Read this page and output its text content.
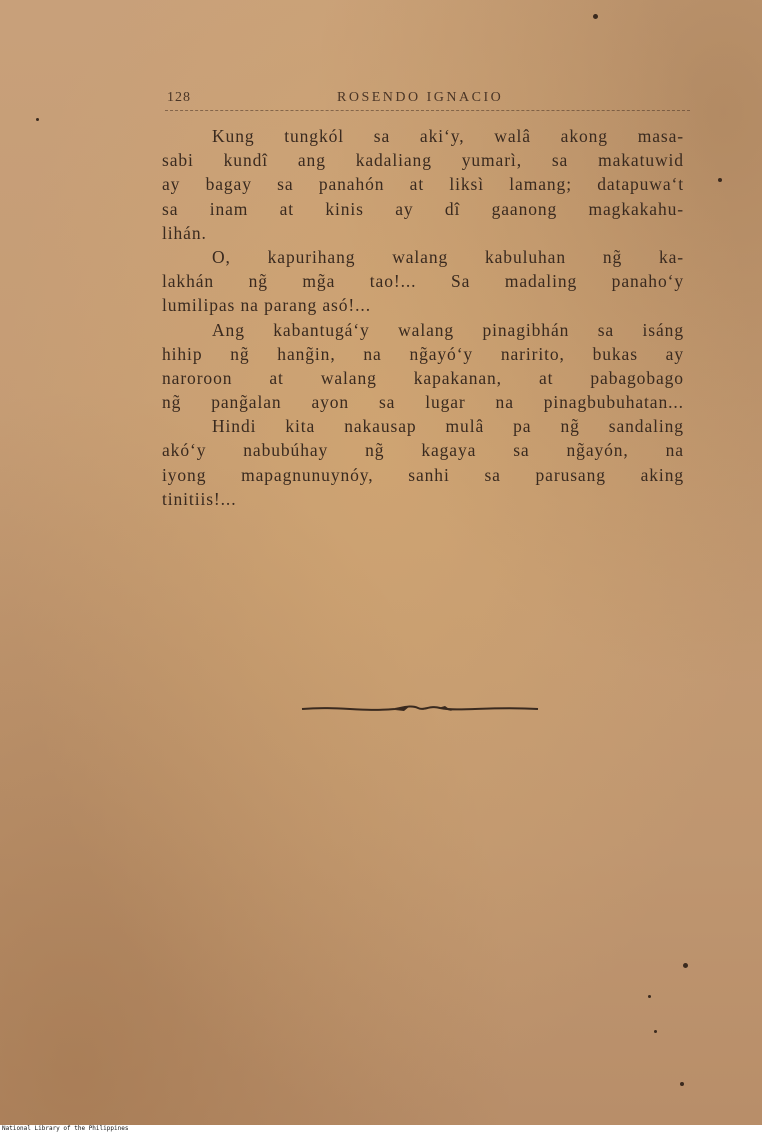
128	ROSENDO IGNACIO
Kung tungkól sa akiʻy, walâ akong masa-
sabi kundî ang kadaliang yumarì, sa makatuwid
ay bagay sa panahón at liksì lamang; datapuwaʻt
sa inam at kinis ay dî gaanong magkakahu-
lihán.
O, kapurihang walang kabuluhan ng̃ ka-
lakhán ng̃ mg̃a tao!... Sa madaling panahoʻy
lumilipas na parang asó!...
Ang kabantugáʻy walang pinagibhán sa isáng
hihip ng̃ hang̃in, na ng̃ayóʻy naririto, bukas ay
naroroon at walang kapakanan, at pabagobago
ng̃ pang̃alan ayon sa lugar na pinagbubuhatan...
Hindi kita nakausap mulâ pa ng̃ sandaling
akóʻy nabubúhay ng̃ kagaya sa ng̃ayón, na
iyong mapagnunuynóy, sanhi sa parusang aking
tinitiis!...
National Library of the Philippines
